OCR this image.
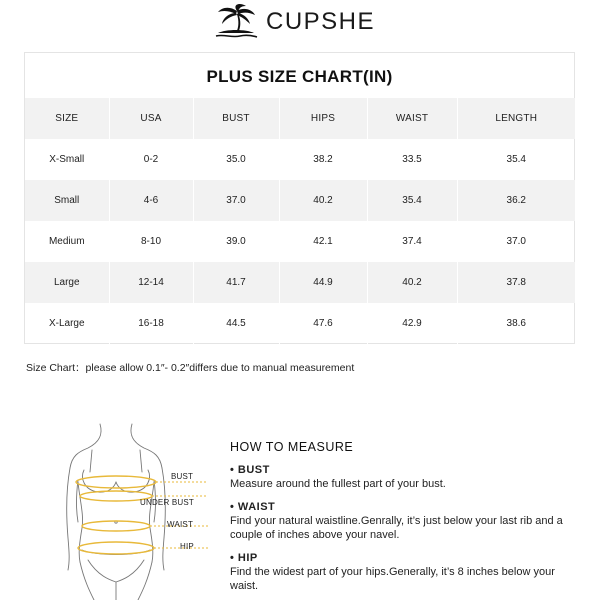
CUPSHE
PLUS SIZE CHART(IN)
SIZE	USA	BUST	HIPS	WAIST	LENGTH
X-Small	0-2	35.0	38.2	33.5	35.4
Small	4-6	37.0	40.2	35.4	36.2
Medium	8-10	39.0	42.1	37.4	37.0
Large	12-14	41.7	44.9	40.2	37.8
X-Large	16-18	44.5	47.6	42.9	38.6
Size Chart：please allow 0.1″- 0.2″differs due to manual measurement
BUST
UNDER BUST
WAIST
HIP
HOW TO MEASURE
• BUST
Measure around the fullest part of your bust.
• WAIST
Find your natural waistline.Genrally, it’s just below your last rib and a couple of inches above your navel.
• HIP
Find the widest part of your hips.Generally, it’s 8 inches below your waist.
